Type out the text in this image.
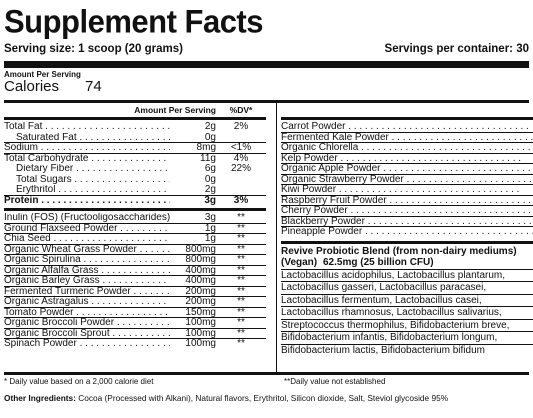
Supplement Facts
Serving size: 1 scoop (20 grams)	Servings per container: 30
Amount Per Serving
Calories 74
Amount Per Serving	%DV*
Total Fat . . .	2g	2%
Saturated Fat . . .	0g
Sodium . . .	8mg	<1%
Total Carbohydrate . . .	11g	4%
Dietary Fiber . . .	6g	22%
Total Sugars . . .	0g
Erythritol . . .	2g
Protein . . .	3g	3%
Inulin (FOS) (Fructooligosaccharides) . . .	3g	**
Ground Flaxseed Powder . . .	1g	**
Chia Seed . . .	1g	**
Organic Wheat Grass Powder . . .	800mg	**
Organic Spirulina . . .	800mg	**
Organic Alfalfa Grass . . .	400mg	**
Organic Barley Grass . . .	400mg	**
Fermented Turmeric Powder . . .	200mg	**
Organic Astragalus . . .	200mg	**
Tomato Powder . . .	150mg	**
Organic Broccoli Powder . . .	100mg	**
Organic Broccoli Sprout . . .	100mg	**
Spinach Powder . . .	100mg	**
Carrot Powder . . .
Fermented Kale Powder . . .
Organic Chlorella . . .
Kelp Powder . . .
Organic Apple Powder . . .
Organic Strawberry Powder . . .
Kiwi Powder . . .
Raspberry Fruit Powder . . .
Cherry Powder . . .
Blackberry Powder . . .
Pineapple Powder . . .
Revive Probiotic Blend (from non-dairy mediums)
(Vegan) 62.5mg (25 billion CFU)
Lactobacillus acidophilus, Lactobacillus plantarum,
Lactobacillus gasseri, Lactobacillus paracasei,
Lactobacillus fermentum, Lactobacillus casei,
Lactobacillus rhamnosus, Lactobacillus salivarius,
Streptococcus thermophilus, Bifidobacterium breve,
Bifidobacterium infantis, Bifidobacterium longum,
Bifidobacterium lactis, Bifidobacterium bifidum
* Daily value based on a 2,000 calorie diet	**Daily value not established
Other Ingredients: Cocoa (Processed with Alkani), Natural flavors, Erythritol, Silicon dioxide, Salt, Steviol glycoside 95%
